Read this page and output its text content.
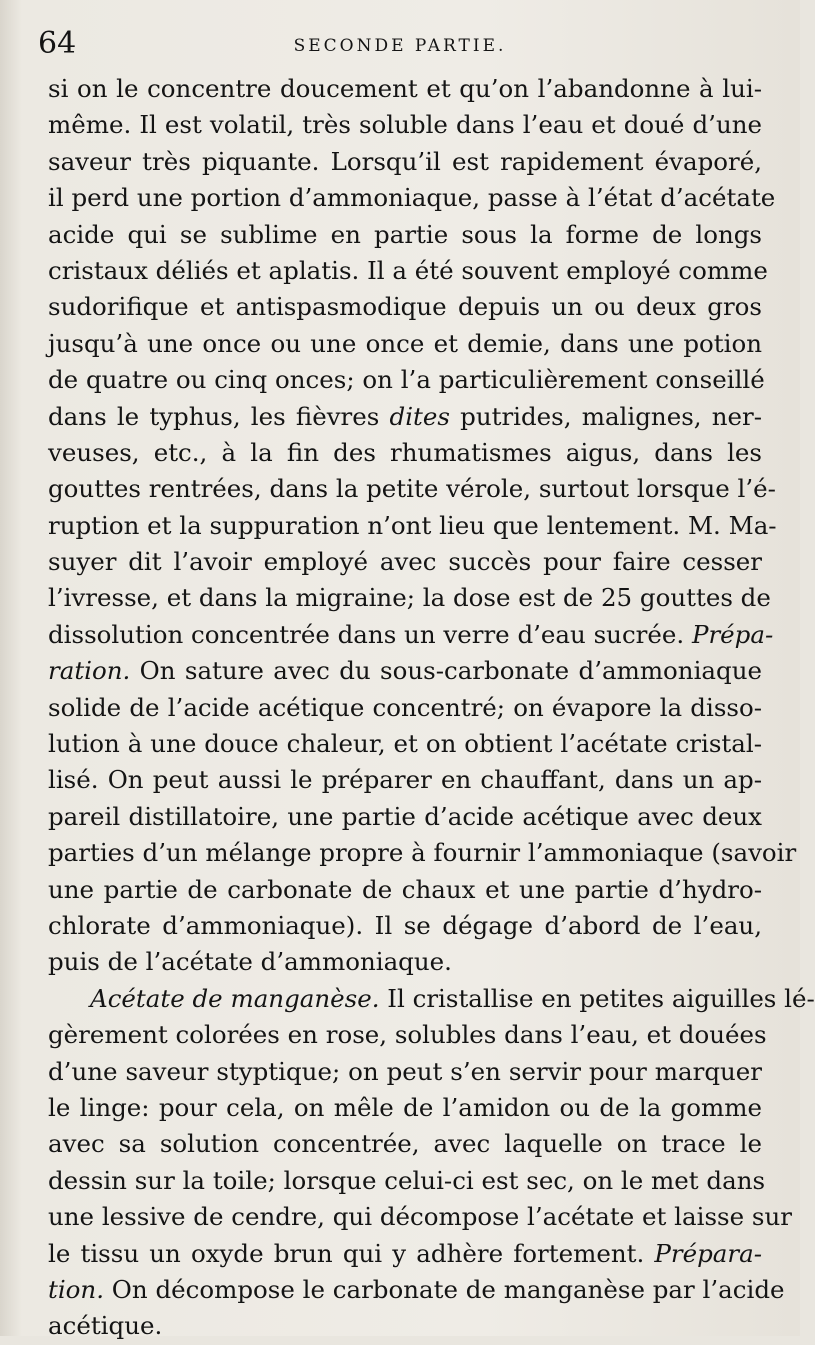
64	SECONDE PARTIE.
si on le concentre doucement et qu’on l’abandonne à lui-
même. Il est volatil, très soluble dans l’eau et doué d’une
saveur très piquante. Lorsqu’il est rapidement évaporé,
il perd une portion d’ammoniaque, passe à l’état d’acétate
acide qui se sublime en partie sous la forme de longs
cristaux déliés et aplatis. Il a été souvent employé comme
sudorifique et antispasmodique depuis un ou deux gros
jusqu’à une once ou une once et demie, dans une potion
de quatre ou cinq onces; on l’a particulièrement conseillé
dans le typhus, les fièvres dites putrides, malignes, ner-
veuses, etc., à la fin des rhumatismes aigus, dans les
gouttes rentrées, dans la petite vérole, surtout lorsque l’é-
ruption et la suppuration n’ont lieu que lentement. M. Ma-
suyer dit l’avoir employé avec succès pour faire cesser
l’ivresse, et dans la migraine; la dose est de 25 gouttes de
dissolution concentrée dans un verre d’eau sucrée. Prépa-
ration. On sature avec du sous-carbonate d’ammoniaque
solide de l’acide acétique concentré; on évapore la disso-
lution à une douce chaleur, et on obtient l’acétate cristal-
lisé. On peut aussi le préparer en chauffant, dans un ap-
pareil distillatoire, une partie d’acide acétique avec deux
parties d’un mélange propre à fournir l’ammoniaque (savoir
une partie de carbonate de chaux et une partie d’hydro-
chlorate d’ammoniaque). Il se dégage d’abord de l’eau,
puis de l’acétate d’ammoniaque.
Acétate de manganèse. Il cristallise en petites aiguilles lé-
gèrement colorées en rose, solubles dans l’eau, et douées
d’une saveur styptique; on peut s’en servir pour marquer
le linge: pour cela, on mêle de l’amidon ou de la gomme
avec sa solution concentrée, avec laquelle on trace le
dessin sur la toile; lorsque celui-ci est sec, on le met dans
une lessive de cendre, qui décompose l’acétate et laisse sur
le tissu un oxyde brun qui y adhère fortement. Prépara-
tion. On décompose le carbonate de manganèse par l’acide
acétique.
